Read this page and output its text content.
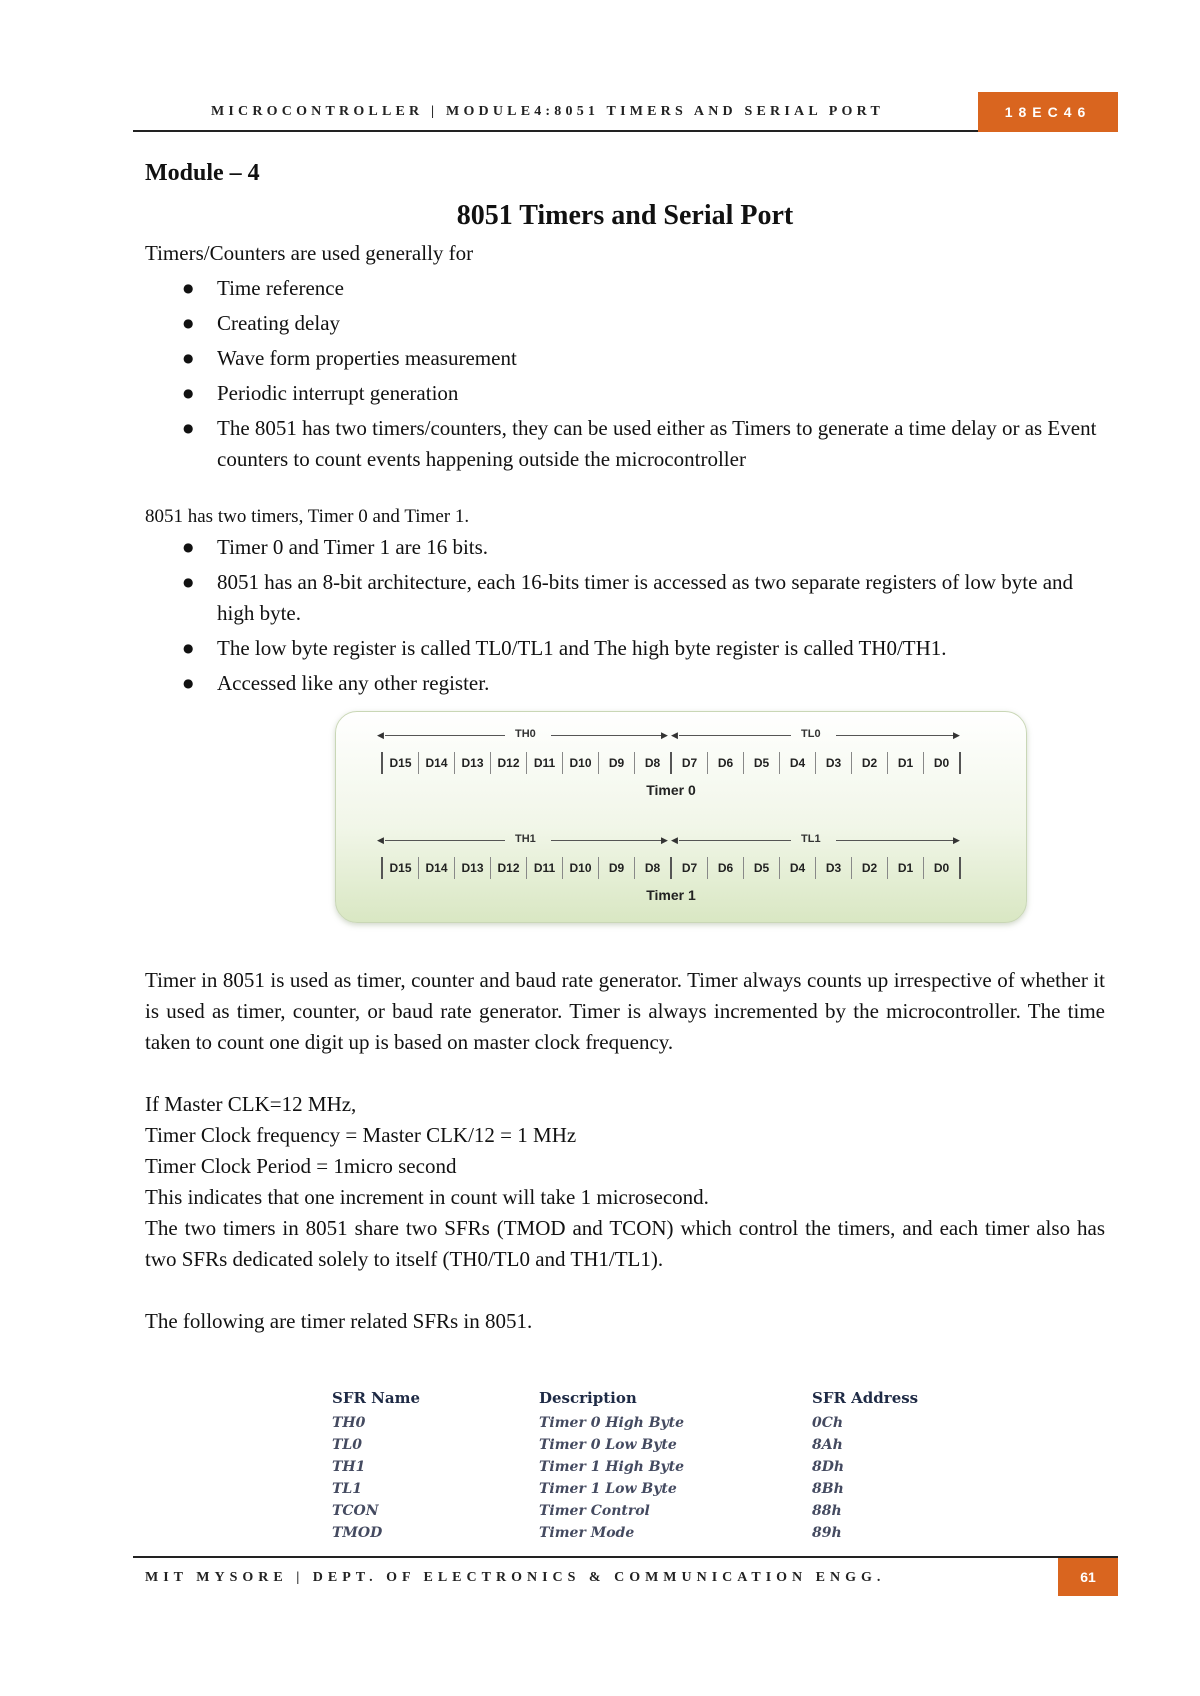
MICROCONTROLLER | MODULE4:8051 TIMERS AND SERIAL PORT	18EC46
Module – 4
8051 Timers and Serial Port

Timers/Counters are used generally for

● Time reference
● Creating delay
● Wave form properties measurement
● Periodic interrupt generation
● The 8051 has two timers/counters, they can be used either as Timers to generate a time delay or as Event counters to count events happening outside the microcontroller

8051 has two timers, Timer 0 and Timer 1.

● Timer 0 and Timer 1 are 16 bits.
● 8051 has an 8-bit architecture, each 16-bits timer is accessed as two separate registers of low byte and high byte.
● The low byte register is called TL0/TL1 and The high byte register is called TH0/TH1.
● Accessed like any other register.
◀	TH0	▶ ◀	TL0	▶
D15	D14	D13	D12	D11	D10	D9	D8	D7	D6	D5	D4	D3	D2	D1	D0
Timer 0
◀	TH1	▶ ◀	TL1	▶
D15	D14	D13	D12	D11	D10	D9	D8	D7	D6	D5	D4	D3	D2	D1	D0
Timer 1

Timer in 8051 is used as timer, counter and baud rate generator. Timer always counts up irrespective of whether it is used as timer, counter, or baud rate generator. Timer is always incremented by the microcontroller. The time taken to count one digit up is based on master clock frequency.

If Master CLK=12 MHz,

Timer Clock frequency = Master CLK/12 = 1 MHz

Timer Clock Period = 1micro second

This indicates that one increment in count will take 1 microsecond.

The two timers in 8051 share two SFRs (TMOD and TCON) which control the timers, and each timer also has two SFRs dedicated solely to itself (TH0/TL0 and TH1/TL1).

The following are timer related SFRs in 8051.

SFR Name	Description	SFR Address
TH0	Timer 0 High Byte	0Ch
TL0	Timer 0 Low Byte	8Ah
TH1	Timer 1 High Byte	8Dh
TL1	Timer 1 Low Byte	8Bh
TCON	Timer Control	88h
TMOD	Timer Mode	89h
MIT MYSORE | DEPT. OF ELECTRONICS & COMMUNICATION ENGG.	61
